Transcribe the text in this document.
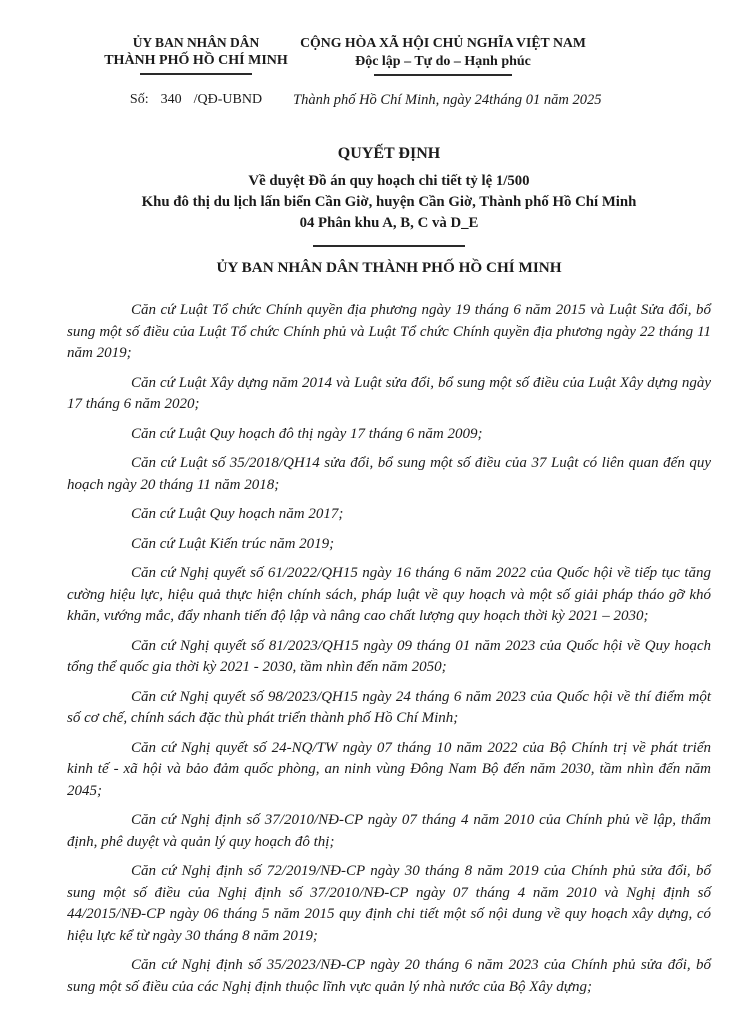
ỦY BAN NHÂN DÂN
THÀNH PHỐ HỒ CHÍ MINH
Số: 340 /QĐ-UBND
CỘNG HÒA XÃ HỘI CHỦ NGHĨA VIỆT NAM
Độc lập – Tự do – Hạnh phúc
Thành phố Hồ Chí Minh, ngày 24tháng 01 năm 2025
QUYẾT ĐỊNH
Về duyệt Đồ án quy hoạch chi tiết tỷ lệ 1/500
Khu đô thị du lịch lấn biển Cần Giờ, huyện Cần Giờ, Thành phố Hồ Chí Minh
04 Phân khu A, B, C và D_E
ỦY BAN NHÂN DÂN THÀNH PHỐ HỒ CHÍ MINH

Căn cứ Luật Tổ chức Chính quyền địa phương ngày 19 tháng 6 năm 2015 và Luật Sửa đổi, bổ sung một số điều của Luật Tổ chức Chính phủ và Luật Tổ chức Chính quyền địa phương ngày 22 tháng 11 năm 2019;

Căn cứ Luật Xây dựng năm 2014 và Luật sửa đổi, bổ sung một số điều của Luật Xây dựng ngày 17 tháng 6 năm 2020;

Căn cứ Luật Quy hoạch đô thị ngày 17 tháng 6 năm 2009;

Căn cứ Luật số 35/2018/QH14 sửa đổi, bổ sung một số điều của 37 Luật có liên quan đến quy hoạch ngày 20 tháng 11 năm 2018;

Căn cứ Luật Quy hoạch năm 2017;

Căn cứ Luật Kiến trúc năm 2019;

Căn cứ Nghị quyết số 61/2022/QH15 ngày 16 tháng 6 năm 2022 của Quốc hội về tiếp tục tăng cường hiệu lực, hiệu quả thực hiện chính sách, pháp luật về quy hoạch và một số giải pháp tháo gỡ khó khăn, vướng mắc, đẩy nhanh tiến độ lập và nâng cao chất lượng quy hoạch thời kỳ 2021 – 2030;

Căn cứ Nghị quyết số 81/2023/QH15 ngày 09 tháng 01 năm 2023 của Quốc hội về Quy hoạch tổng thể quốc gia thời kỳ 2021 - 2030, tầm nhìn đến năm 2050;

Căn cứ Nghị quyết số 98/2023/QH15 ngày 24 tháng 6 năm 2023 của Quốc hội về thí điểm một số cơ chế, chính sách đặc thù phát triển thành phố Hồ Chí Minh;

Căn cứ Nghị quyết số 24-NQ/TW ngày 07 tháng 10 năm 2022 của Bộ Chính trị về phát triển kinh tế - xã hội và bảo đảm quốc phòng, an ninh vùng Đông Nam Bộ đến năm 2030, tầm nhìn đến năm 2045;

Căn cứ Nghị định số 37/2010/NĐ-CP ngày 07 tháng 4 năm 2010 của Chính phủ về lập, thẩm định, phê duyệt và quản lý quy hoạch đô thị;

Căn cứ Nghị định số 72/2019/NĐ-CP ngày 30 tháng 8 năm 2019 của Chính phủ sửa đổi, bổ sung một số điều của Nghị định số 37/2010/NĐ-CP ngày 07 tháng 4 năm 2010 và Nghị định số 44/2015/NĐ-CP ngày 06 tháng 5 năm 2015 quy định chi tiết một số nội dung về quy hoạch xây dựng, có hiệu lực kể từ ngày 30 tháng 8 năm 2019;

Căn cứ Nghị định số 35/2023/NĐ-CP ngày 20 tháng 6 năm 2023 của Chính phủ sửa đổi, bổ sung một số điều của các Nghị định thuộc lĩnh vực quản lý nhà nước của Bộ Xây dựng;
